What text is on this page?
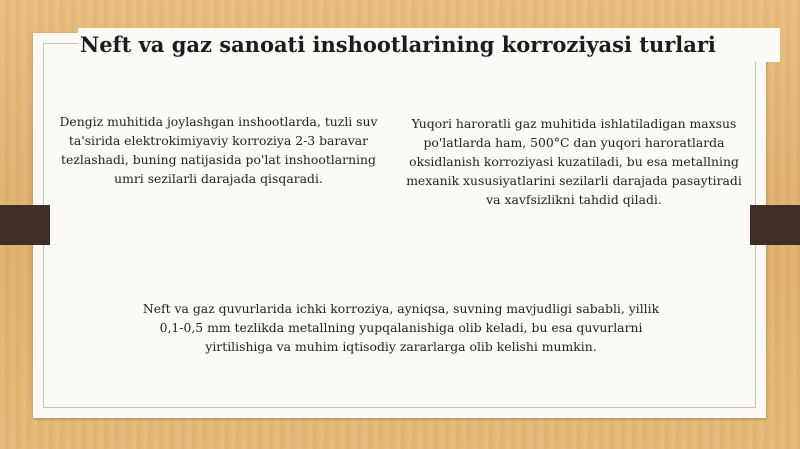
Neft va gaz sanoati inshootlarining korroziyasi turlari

Dengiz muhitida joylashgan inshootlarda, tuzli suv ta'sirida elektrokimiyaviy korroziya 2-3 baravar tezlashadi, buning natijasida po'lat inshootlarning umri sezilarli darajada qisqaradi.

Yuqori haroratli gaz muhitida ishlatiladigan maxsus po'latlarda ham, 500°C dan yuqori haroratlarda oksidlanish korroziyasi kuzatiladi, bu esa metallning mexanik xususiyatlarini sezilarli darajada pasaytiradi va xavfsizlikni tahdid qiladi.

Neft va gaz quvurlarida ichki korroziya, ayniqsa, suvning mavjudligi sababli, yillik 0,1-0,5 mm tezlikda metallning yupqalanishiga olib keladi, bu esa quvurlarni yirtilishiga va muhim iqtisodiy zararlarga olib kelishi mumkin.
